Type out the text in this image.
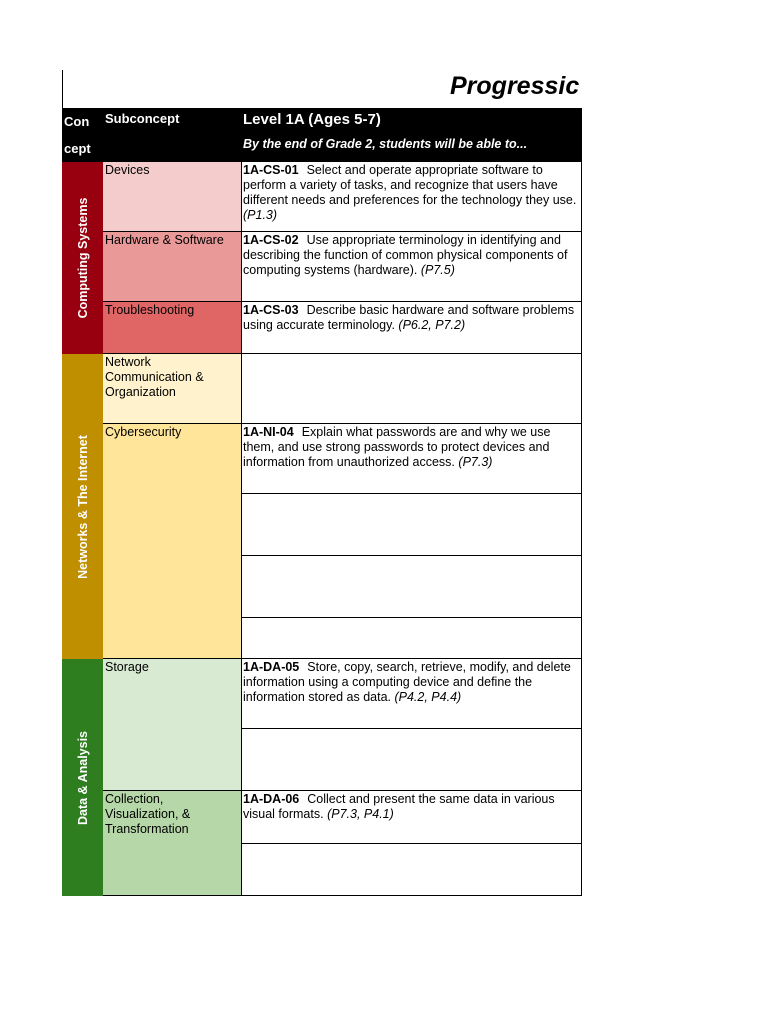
Progressic
Con
cept
Subconcept	Level 1A (Ages 5-7)
By the end of Grade 2, students will be able to...
Computing Systems
Networks & The Internet
Data & Analysis
Devices
Hardware & Software
Troubleshooting
Network Communication & Organization
Cybersecurity
Storage
Collection, Visualization, & Transformation
1A-CS-01 Select and operate appropriate software to perform a variety of tasks, and recognize that users have different needs and preferences for the technology they use. (P1.3)
1A-CS-02 Use appropriate terminology in identifying and describing the function of common physical components of computing systems (hardware). (P7.5)
1A-CS-03 Describe basic hardware and software problems using accurate terminology. (P6.2, P7.2)
1A-NI-04 Explain what passwords are and why we use them, and use strong passwords to protect devices and information from unauthorized access. (P7.3)
1A-DA-05 Store, copy, search, retrieve, modify, and delete information using a computing device and define the information stored as data. (P4.2, P4.4)
1A-DA-06 Collect and present the same data in various visual formats. (P7.3, P4.1)
